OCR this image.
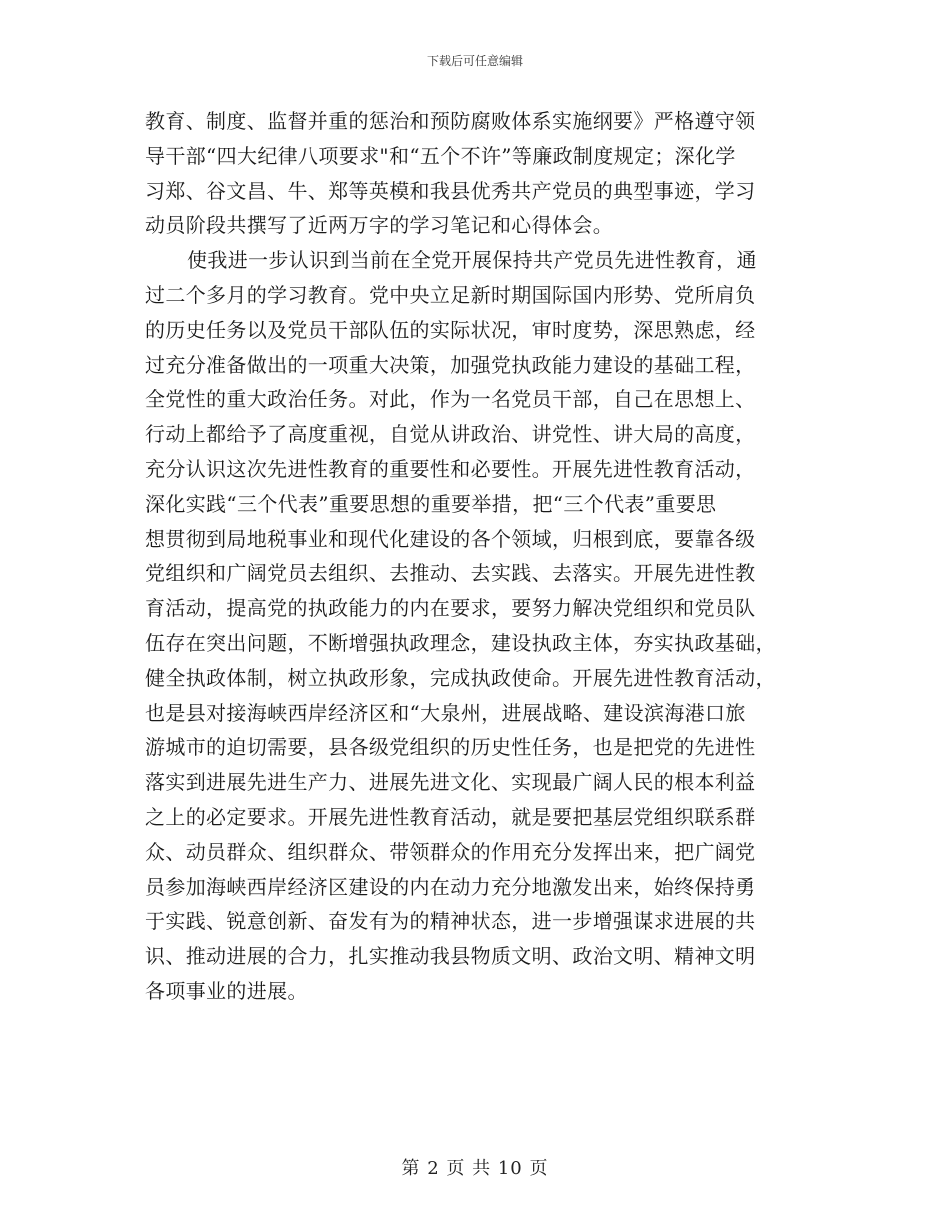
下载后可任意编辑
教育、制度、监督并重的惩治和预防腐败体系实施纲要》严格遵守领
导干部“四大纪律八项要求"和“五个不许”等廉政制度规定；深化学
习郑、谷文昌、牛、郑等英模和我县优秀共产党员的典型事迹，学习
动员阶段共撰写了近两万字的学习笔记和心得体会。
使我进一步认识到当前在全党开展保持共产党员先进性教育，通
过二个多月的学习教育。党中央立足新时期国际国内形势、党所肩负
的历史任务以及党员干部队伍的实际状况，审时度势，深思熟虑，经
过充分准备做出的一项重大决策，加强党执政能力建设的基础工程，
全党性的重大政治任务。对此，作为一名党员干部，自己在思想上、
行动上都给予了高度重视，自觉从讲政治、讲党性、讲大局的高度，
充分认识这次先进性教育的重要性和必要性。开展先进性教育活动，
深化实践“三个代表”重要思想的重要举措，把“三个代表”重要思
想贯彻到局地税事业和现代化建设的各个领域，归根到底，要靠各级
党组织和广阔党员去组织、去推动、去实践、去落实。开展先进性教
育活动，提高党的执政能力的内在要求，要努力解决党组织和党员队
伍存在突出问题，不断增强执政理念，建设执政主体，夯实执政基础，
健全执政体制，树立执政形象，完成执政使命。开展先进性教育活动，
也是县对接海峡西岸经济区和“大泉州，进展战略、建设滨海港口旅
游城市的迫切需要，县各级党组织的历史性任务，也是把党的先进性
落实到进展先进生产力、进展先进文化、实现最广阔人民的根本利益
之上的必定要求。开展先进性教育活动，就是要把基层党组织联系群
众、动员群众、组织群众、带领群众的作用充分发挥出来，把广阔党
员参加海峡西岸经济区建设的内在动力充分地激发出来，始终保持勇
于实践、锐意创新、奋发有为的精神状态，进一步增强谋求进展的共
识、推动进展的合力，扎实推动我县物质文明、政治文明、精神文明
各项事业的进展。
第 2 页 共 10 页
